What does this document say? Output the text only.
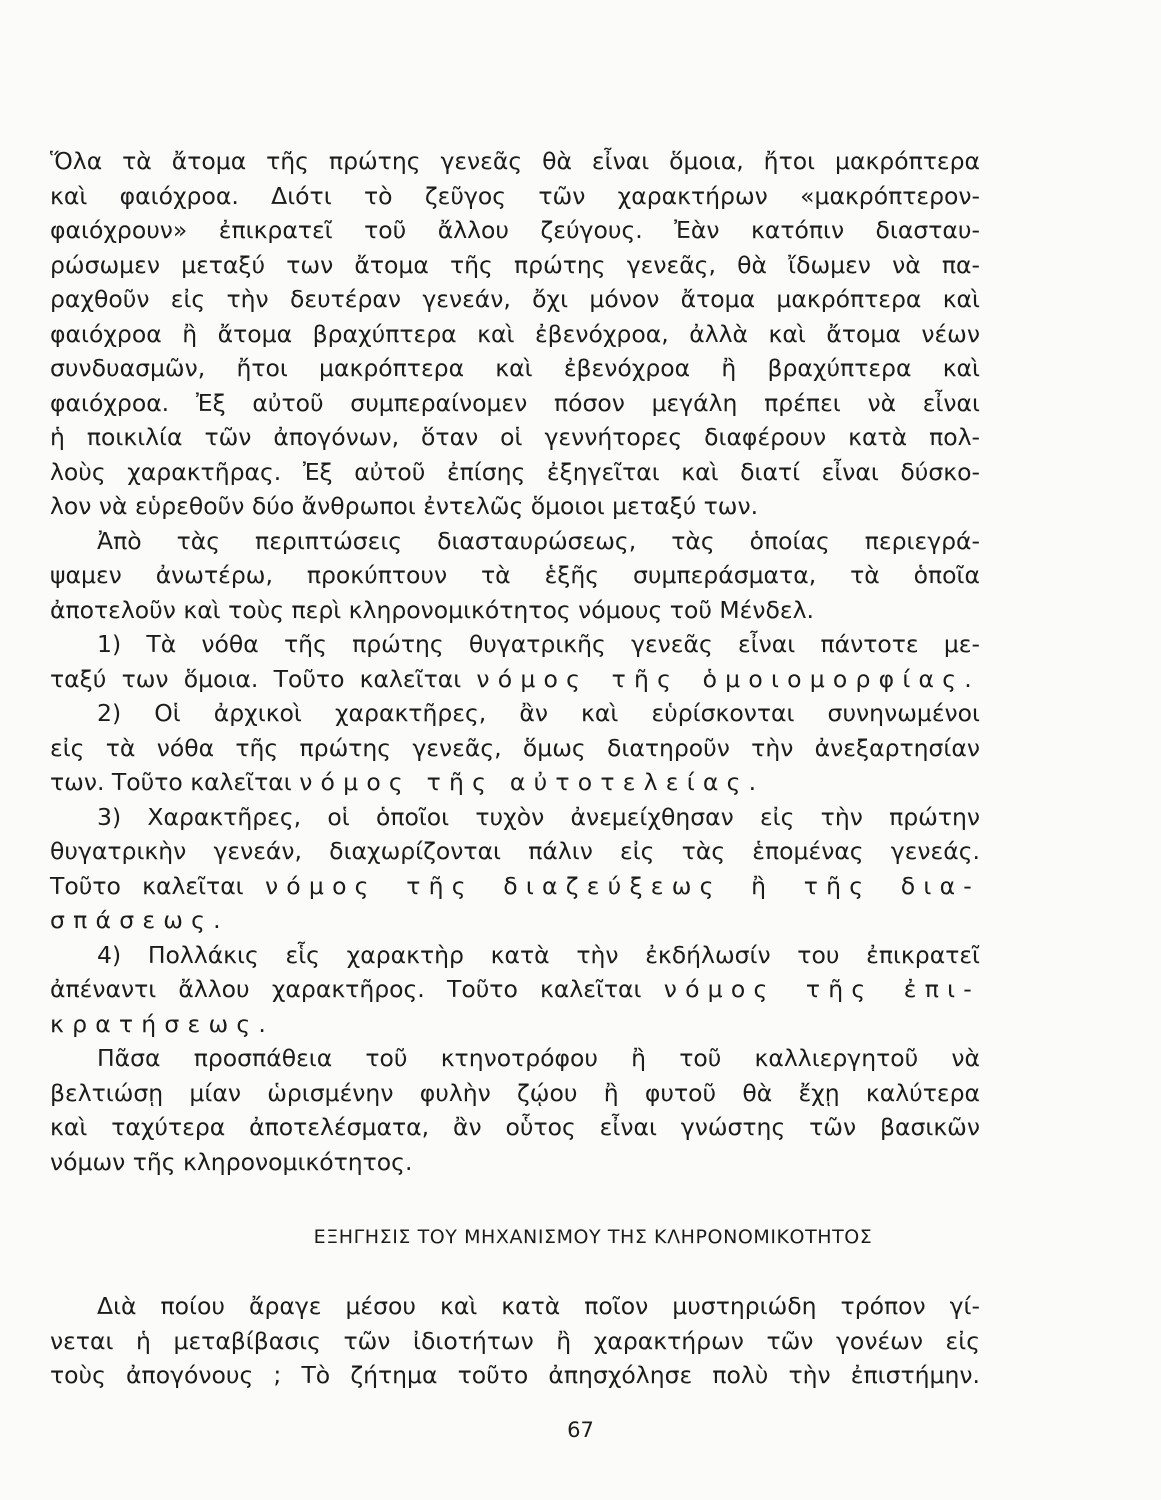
Ὅλα τὰ ἄτομα τῆς πρώτης γενεᾶς θὰ εἶναι ὅμοια, ἤτοι μακρόπτερα
καὶ φαιόχροα. Διότι τὸ ζεῦγος τῶν χαρακτήρων «μακρόπτερον-
φαιόχρουν» ἐπικρατεῖ τοῦ ἄλλου ζεύγους. Ἐὰν κατόπιν διασταυ-
ρώσωμεν μεταξύ των ἄτομα τῆς πρώτης γενεᾶς, θὰ ἴδωμεν νὰ πα-
ραχθοῦν εἰς τὴν δευτέραν γενεάν, ὄχι μόνον ἄτομα μακρόπτερα καὶ
φαιόχροα ἢ ἄτομα βραχύπτερα καὶ ἐβενόχροα, ἀλλὰ καὶ ἄτομα νέων
συνδυασμῶν, ἤτοι μακρόπτερα καὶ ἐβενόχροα ἢ βραχύπτερα καὶ
φαιόχροα. Ἐξ αὐτοῦ συμπεραίνομεν πόσον μεγάλη πρέπει νὰ εἶναι
ἡ ποικιλία τῶν ἀπογόνων, ὅταν οἱ γεννήτορες διαφέρουν κατὰ πολ-
λοὺς χαρακτῆρας. Ἐξ αὐτοῦ ἐπίσης ἐξηγεῖται καὶ διατί εἶναι δύσκο-
λον νὰ εὑρεθοῦν δύο ἄνθρωποι ἐντελῶς ὅμοιοι μεταξύ των.
Ἀπὸ τὰς περιπτώσεις διασταυρώσεως, τὰς ὁποίας περιεγρά-
ψαμεν ἀνωτέρω, προκύπτουν τὰ ἑξῆς συμπεράσματα, τὰ ὁποῖα
ἀποτελοῦν καὶ τοὺς περὶ κληρονομικότητος νόμους τοῦ Μένδελ.
1) Τὰ νόθα τῆς πρώτης θυγατρικῆς γενεᾶς εἶναι πάντοτε με-
ταξύ των ὅμοια. Τοῦτο καλεῖται νόμος τῆς ὁμοιομορφίας.
2) Οἱ ἀρχικοὶ χαρακτῆρες, ἂν καὶ εὑρίσκονται συνηνωμένοι
εἰς τὰ νόθα τῆς πρώτης γενεᾶς, ὅμως διατηροῦν τὴν ἀνεξαρτησίαν
των. Τοῦτο καλεῖται νόμος τῆς αὐτοτελείας.
3) Χαρακτῆρες, οἱ ὁποῖοι τυχὸν ἀνεμείχθησαν εἰς τὴν πρώτην
θυγατρικὴν γενεάν, διαχωρίζονται πάλιν εἰς τὰς ἑπομένας γενεάς.
Τοῦτο καλεῖται νόμος τῆς διαζεύξεως ἢ τῆς δια-
σπάσεως.
4) Πολλάκις εἷς χαρακτὴρ κατὰ τὴν ἐκδήλωσίν του ἐπικρατεῖ
ἀπέναντι ἄλλου χαρακτῆρος. Τοῦτο καλεῖται νόμος τῆς ἐπι-
κρατήσεως.
Πᾶσα προσπάθεια τοῦ κτηνοτρόφου ἢ τοῦ καλλιεργητοῦ νὰ
βελτιώσῃ μίαν ὡρισμένην φυλὴν ζῴου ἢ φυτοῦ θὰ ἔχῃ καλύτερα
καὶ ταχύτερα ἀποτελέσματα, ἂν οὗτος εἶναι γνώστης τῶν βασικῶν
νόμων τῆς κληρονομικότητος.
ΕΞΗΓΗΣΙΣ ΤΟΥ ΜΗΧΑΝΙΣΜΟΥ ΤΗΣ ΚΛΗΡΟΝΟΜΙΚΟΤΗΤΟΣ
Διὰ ποίου ἄραγε μέσου καὶ κατὰ ποῖον μυστηριώδη τρόπον γί-
νεται ἡ μεταβίβασις τῶν ἰδιοτήτων ἢ χαρακτήρων τῶν γονέων εἰς
τοὺς ἀπογόνους ; Τὸ ζήτημα τοῦτο ἀπησχόλησε πολὺ τὴν ἐπιστήμην.
67
